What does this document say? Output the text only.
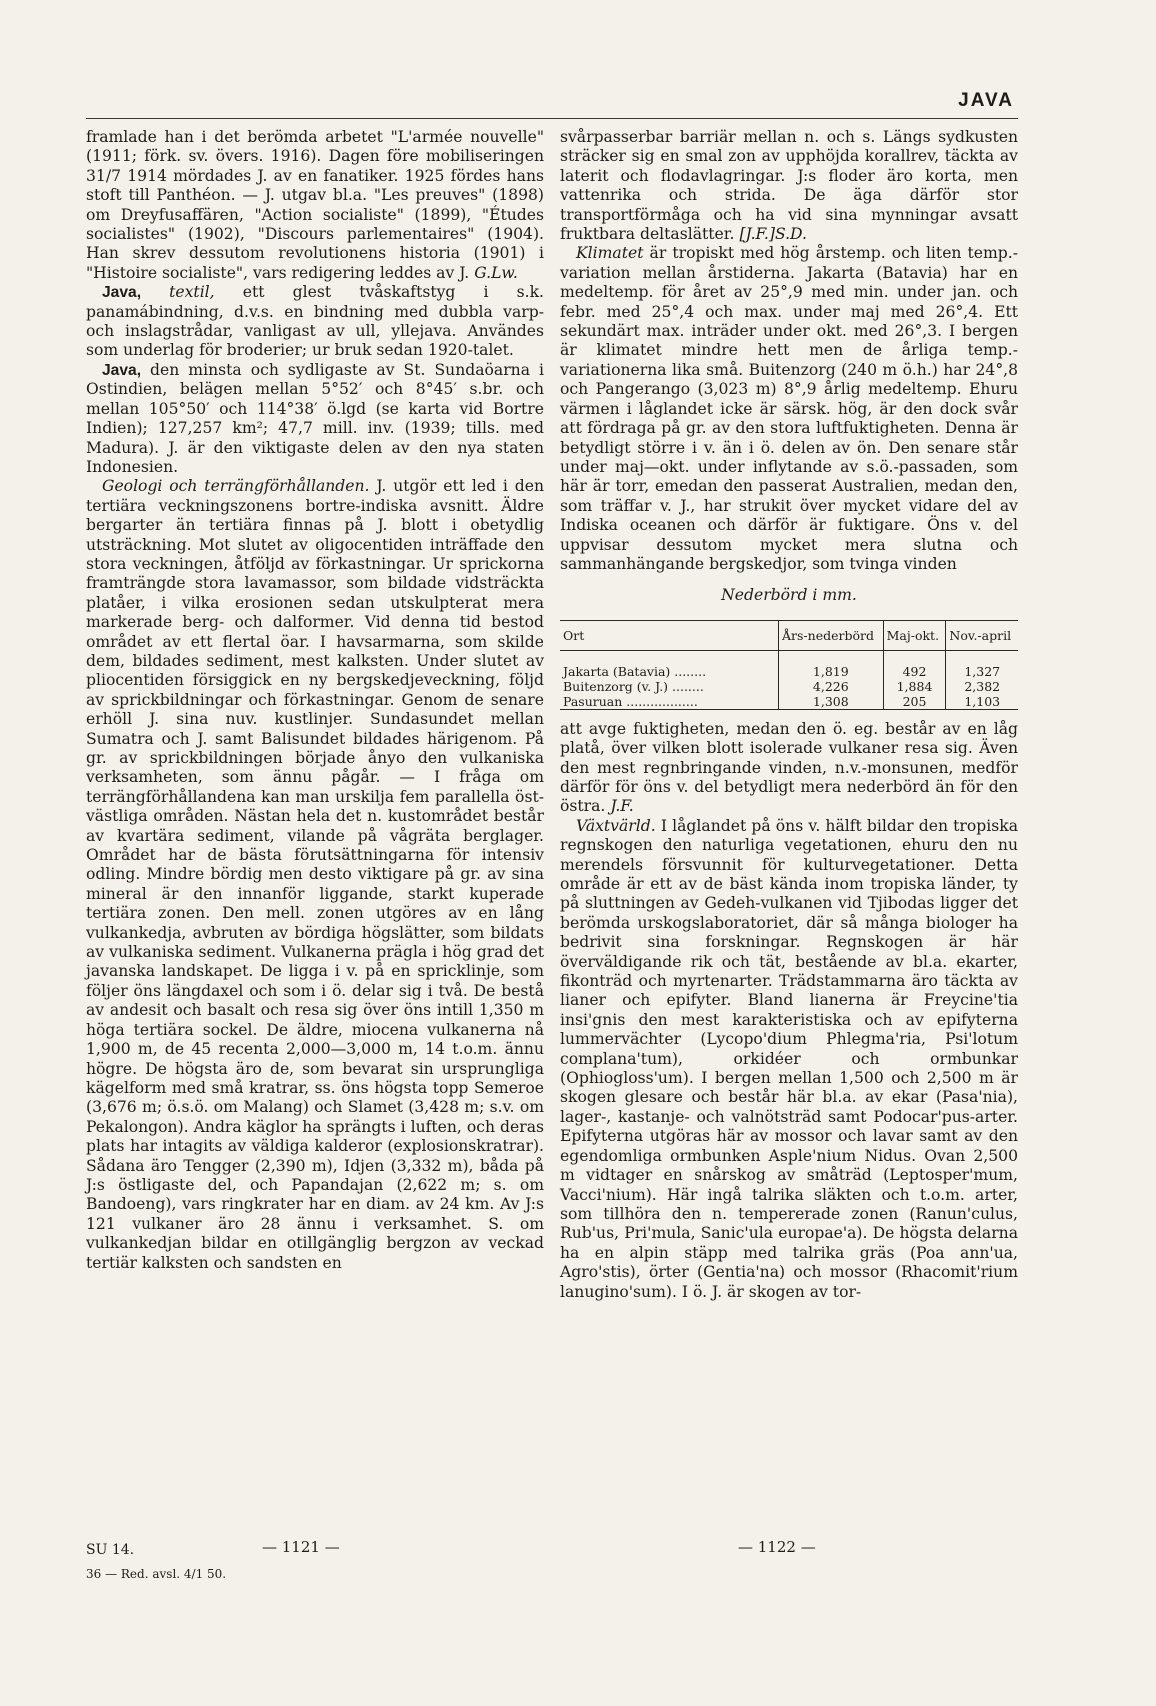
JAVA

framlade han i det berömda arbetet "L'armée nouvelle" (1911; förk. sv. övers. 1916). Dagen före mobiliseringen 31/7 1914 mördades J. av en fanatiker. 1925 fördes hans stoft till Panthéon. — J. utgav bl.a. "Les preuves" (1898) om Dreyfusaffären, "Action socialiste" (1899), "Études socialistes" (1902), "Discours parlementaires" (1904). Han skrev dessutom revolutionens historia (1901) i "Histoire socialiste", vars redigering leddes av J. G.Lw.

Java, textil, ett glest tvåskaftstyg i s.k. panamábindning, d.v.s. en bindning med dubbla varp- och inslagstrådar, vanligast av ull, yllejava. Användes som underlag för broderier; ur bruk sedan 1920-talet.

Java, den minsta och sydligaste av St. Sundaöarna i Ostindien, belägen mellan 5°52′ och 8°45′ s.br. och mellan 105°50′ och 114°38′ ö.lgd (se karta vid Bortre Indien); 127,257 km²; 47,7 mill. inv. (1939; tills. med Madura). J. är den viktigaste delen av den nya staten Indonesien.

Geologi och terrängförhållanden. J. utgör ett led i den tertiära veckningszonens bortre-indiska avsnitt. Äldre bergarter än tertiära finnas på J. blott i obetydlig utsträckning. Mot slutet av oligocentiden inträffade den stora veckningen, åtföljd av förkastningar. Ur sprickorna framträngde stora lavamassor, som bildade vidsträckta platåer, i vilka erosionen sedan utskulpterat mera markerade berg- och dalformer. Vid denna tid bestod området av ett flertal öar. I havsarmarna, som skilde dem, bildades sediment, mest kalksten. Under slutet av pliocentiden försiggick en ny bergskedjeveckning, följd av sprickbildningar och förkastningar. Genom de senare erhöll J. sina nuv. kustlinjer. Sundasundet mellan Sumatra och J. samt Balisundet bildades härigenom. På gr. av sprickbildningen började ånyo den vulkaniska verksamheten, som ännu pågår. — I fråga om terrängförhållandena kan man urskilja fem parallella öst-västliga områden. Nästan hela det n. kustområdet består av kvartära sediment, vilande på vågräta berglager. Området har de bästa förutsättningarna för intensiv odling. Mindre bördig men desto viktigare på gr. av sina mineral är den innanför liggande, starkt kuperade tertiära zonen. Den mell. zonen utgöres av en lång vulkankedja, avbruten av bördiga högslätter, som bildats av vulkaniska sediment. Vulkanerna prägla i hög grad det javanska landskapet. De ligga i v. på en spricklinje, som följer öns längdaxel och som i ö. delar sig i två. De bestå av andesit och basalt och resa sig över öns intill 1,350 m höga tertiära sockel. De äldre, miocena vulkanerna nå 1,900 m, de 45 recenta 2,000—3,000 m, 14 t.o.m. ännu högre. De högsta äro de, som bevarat sin ursprungliga kägelform med små kratrar, ss. öns högsta topp Semeroe (3,676 m; ö.s.ö. om Malang) och Slamet (3,428 m; s.v. om Pekalongon). Andra käglor ha sprängts i luften, och deras plats har intagits av väldiga kalderor (explosionskratrar). Sådana äro Tengger (2,390 m), Idjen (3,332 m), båda på J:s östligaste del, och Papandajan (2,622 m; s. om Bandoeng), vars ringkrater har en diam. av 24 km. Av J:s 121 vulkaner äro 28 ännu i verksamhet. S. om vulkankedjan bildar en otillgänglig bergzon av veckad tertiär kalksten och sandsten en

svårpasserbar barriär mellan n. och s. Längs sydkusten sträcker sig en smal zon av upphöjda korallrev, täckta av laterit och flodavlagringar. J:s floder äro korta, men vattenrika och strida. De äga därför stor transportförmåga och ha vid sina mynningar avsatt fruktbara deltaslätter. [J.F.]S.D.

Klimatet är tropiskt med hög årstemp. och liten temp.-variation mellan årstiderna. Jakarta (Batavia) har en medeltemp. för året av 25°,9 med min. under jan. och febr. med 25°,4 och max. under maj med 26°,4. Ett sekundärt max. inträder under okt. med 26°,3. I bergen är klimatet mindre hett men de årliga temp.-variationerna lika små. Buitenzorg (240 m ö.h.) har 24°,8 och Pangerango (3,023 m) 8°,9 årlig medeltemp. Ehuru värmen i låglandet icke är särsk. hög, är den dock svår att fördraga på gr. av den stora luftfuktigheten. Denna är betydligt större i v. än i ö. delen av ön. Den senare står under maj—okt. under inflytande av s.ö.-passaden, som här är torr, emedan den passerat Australien, medan den, som träffar v. J., har strukit över mycket vidare del av Indiska oceanen och därför är fuktigare. Öns v. del uppvisar dessutom mycket mera slutna och sammanhängande bergskedjor, som tvinga vinden

Nederbörd i mm.
Ort	Års-nederbörd	Maj-okt.	Nov.-april
Jakarta (Batavia) ........	1,819	492	1,327
Buitenzorg (v. J.) ........	4,226	1,884	2,382
Pasuruan ..................	1,308	205	1,103

att avge fuktigheten, medan den ö. eg. består av en låg platå, över vilken blott isolerade vulkaner resa sig. Även den mest regnbringande vinden, n.v.-monsunen, medför därför för öns v. del betydligt mera nederbörd än för den östra. J.F.

Växtvärld. I låglandet på öns v. hälft bildar den tropiska regnskogen den naturliga vegetationen, ehuru den nu merendels försvunnit för kulturvegetationer. Detta område är ett av de bäst kända inom tropiska länder, ty på sluttningen av Gedeh-vulkanen vid Tjibodas ligger det berömda urskogslaboratoriet, där så många biologer ha bedrivit sina forskningar. Regnskogen är här överväldigande rik och tät, bestående av bl.a. ekarter, fikonträd och myrtenarter. Trädstammarna äro täckta av lianer och epifyter. Bland lianerna är Freycine'tia insi'gnis den mest karakteristiska och av epifyterna lummervächter (Lycopo'dium Phlegma'ria, Psi'lotum complana'tum), orkidéer och ormbunkar (Ophiogloss'um). I bergen mellan 1,500 och 2,500 m är skogen glesare och består här bl.a. av ekar (Pasa'nia), lager-, kastanje- och valnötsträd samt Podocar'pus-arter. Epifyterna utgöras här av mossor och lavar samt av den egendomliga ormbunken Asple'nium Nidus. Ovan 2,500 m vidtager en snårskog av småträd (Leptosper'mum, Vacci'nium). Här ingå talrika släkten och t.o.m. arter, som tillhöra den n. tempererade zonen (Ranun'culus, Rub'us, Pri'mula, Sanic'ula europae'a). De högsta delarna ha en alpin stäpp med talrika gräs (Poa ann'ua, Agro'stis), örter (Gentia'na) och mossor (Rhacomit'rium lanugino'sum). I ö. J. är skogen av tor-

SU 14.
36 — Red. avsl. 4/1 50.
— 1121 —	— 1122 —
